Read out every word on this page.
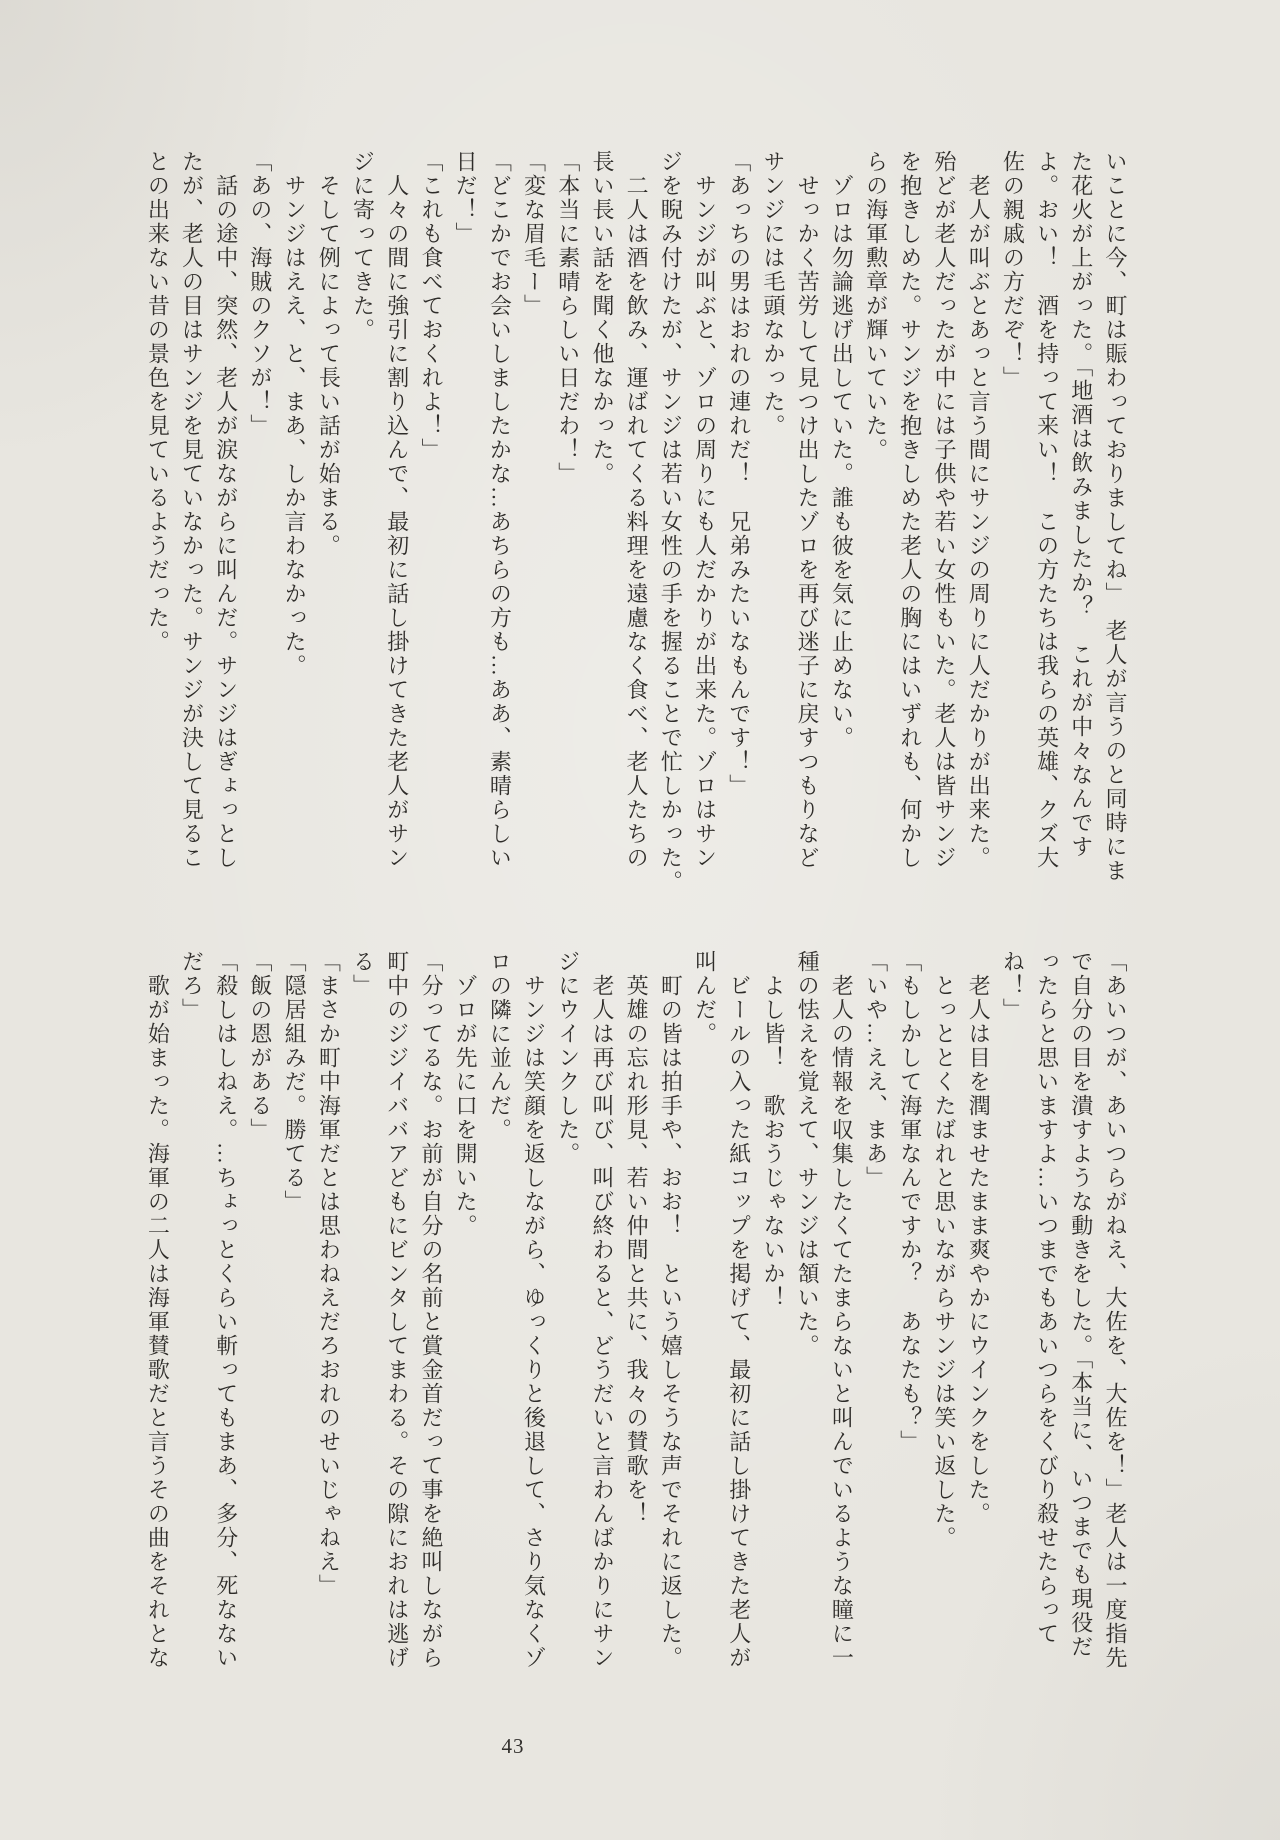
いことに今、町は賑わっておりましてね」　老人が言うのと同時にま
た花火が上がった。「地酒は飲みましたか？　これが中々なんです
よ。おい！　酒を持って来い！　この方たちは我らの英雄、クズ大
佐の親戚の方だぞ！」
　老人が叫ぶとあっと言う間にサンジの周りに人だかりが出来た。
殆どが老人だったが中には子供や若い女性もいた。老人は皆サンジ
を抱きしめた。サンジを抱きしめた老人の胸にはいずれも、何かし
らの海軍勲章が輝いていた。
　ゾロは勿論逃げ出していた。誰も彼を気に止めない。
　せっかく苦労して見つけ出したゾロを再び迷子に戻すつもりなど
サンジには毛頭なかった。
「あっちの男はおれの連れだ！　兄弟みたいなもんです！」
　サンジが叫ぶと、ゾロの周りにも人だかりが出来た。ゾロはサン
ジを睨み付けたが、サンジは若い女性の手を握ることで忙しかった。
　二人は酒を飲み、運ばれてくる料理を遠慮なく食べ、老人たちの
長い長い話を聞く他なかった。
「本当に素晴らしい日だわ！」
「変な眉毛ー」
「どこかでお会いしましたかな…あちらの方も…ああ、素晴らしい
日だ！」
「これも食べておくれよ！」
　人々の間に強引に割り込んで、最初に話し掛けてきた老人がサン
ジに寄ってきた。
　そして例によって長い話が始まる。
　サンジはええ、と、まあ、しか言わなかった。
「あの、海賊のクソが！」
　話の途中、突然、老人が涙ながらに叫んだ。サンジはぎょっとし
たが、老人の目はサンジを見ていなかった。サンジが決して見るこ
との出来ない昔の景色を見ているようだった。
「あいつが、あいつらがねえ、大佐を、大佐を！」老人は一度指先
で自分の目を潰すような動きをした。「本当に、いつまでも現役だ
ったらと思いますよ…いつまでもあいつらをくびり殺せたらって
ね！」
　老人は目を潤ませたまま爽やかにウインクをした。
　とっととくたばれと思いながらサンジは笑い返した。
「もしかして海軍なんですか？　あなたも？」
「いや…ええ、まあ」
　老人の情報を収集したくてたまらないと叫んでいるような瞳に一
種の怯えを覚えて、サンジは頷いた。
　よし皆！　歌おうじゃないか！
　ビールの入った紙コップを掲げて、最初に話し掛けてきた老人が
叫んだ。
　町の皆は拍手や、おお！　という嬉しそうな声でそれに返した。
　英雄の忘れ形見、若い仲間と共に、我々の賛歌を！
　老人は再び叫び、叫び終わると、どうだいと言わんばかりにサン
ジにウインクした。
　サンジは笑顔を返しながら、ゆっくりと後退して、さり気なくゾ
ロの隣に並んだ。
　ゾロが先に口を開いた。
「分ってるな。お前が自分の名前と賞金首だって事を絶叫しながら
町中のジジイババアどもにビンタしてまわる。その隙におれは逃げ
る」
「まさか町中海軍だとは思わねえだろおれのせいじゃねえ」
「隠居組みだ。勝てる」
「飯の恩がある」
「殺しはしねえ。…ちょっとくらい斬ってもまあ、多分、死なない
だろ」
　歌が始まった。海軍の二人は海軍賛歌だと言うその曲をそれとな
43
